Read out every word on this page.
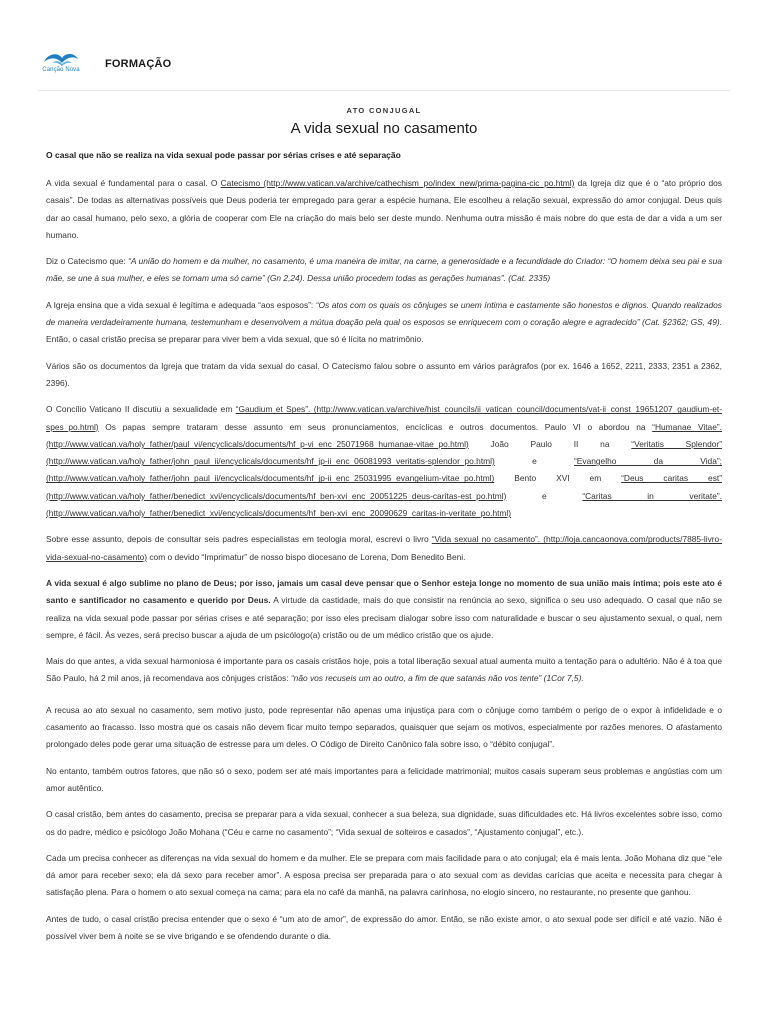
Canção Nova	FORMAÇÃO
ATO CONJUGAL
A vida sexual no casamento
O casal que não se realiza na vida sexual pode passar por sérias crises e até separação

A vida sexual é fundamental para o casal. O Catecismo (http://www.vatican.va/archive/cathechism_po/index_new/prima-pagina-cic_po.html) da Igreja diz que é o “ato próprio dos casais”. De todas as alternativas possíveis que Deus poderia ter empregado para gerar a espécie humana, Ele escolheu a relação sexual, expressão do amor conjugal. Deus quis dar ao casal humano, pelo sexo, a glória de cooperar com Ele na criação do mais belo ser deste mundo. Nenhuma outra missão é mais nobre do que esta de dar a vida a um ser humano.

Diz o Catecismo que: “A união do homem e da mulher, no casamento, é uma maneira de imitar, na carne, a generosidade e a fecundidade do Criador: “O homem deixa seu pai e sua mãe, se une à sua mulher, e eles se tornam uma só carne” (Gn 2,24). Dessa união procedem todas as gerações humanas”. (Cat. 2335)

A Igreja ensina que a vida sexual é legítima e adequada “aos esposos”: “Os atos com os quais os cônjuges se unem íntima e castamente são honestos e dignos. Quando realizados de maneira verdadeiramente humana, testemunham e desenvolvem a mútua doação pela qual os esposos se enriquecem com o coração alegre e agradecido” (Cat. §2362; GS, 49). Então, o casal cristão precisa se preparar para viver bem a vida sexual, que só é lícita no matrimônio.

Vários são os documentos da Igreja que tratam da vida sexual do casal. O Catecismo falou sobre o assunto em vários parágrafos (por ex. 1646 a 1652, 2211, 2333, 2351 a 2362, 2396).

O Concílio Vaticano II discutiu a sexualidade em “Gaudium et Spes”. (http://www.vatican.va/archive/hist_councils/ii_vatican_council/documents/vat-ii_const_19651207_gaudium-et-spes_po.html) Os papas sempre trataram desse assunto em seus pronunciamentos, encíclicas e outros documentos. Paulo VI o abordou na “Humanae Vitae”. (http://www.vatican.va/holy_father/paul_vi/encyclicals/documents/hf_p-vi_enc_25071968_humanae-vitae_po.html) João Paulo II na “Veritatis Splendor” (http://www.vatican.va/holy_father/john_paul_ii/encyclicals/documents/hf_jp-ii_enc_06081993_veritatis-splendor_po.html) e “Evangelho da Vida”; (http://www.vatican.va/holy_father/john_paul_ii/encyclicals/documents/hf_jp-ii_enc_25031995_evangelium-vitae_po.html) Bento XVI em “Deus caritas est” (http://www.vatican.va/holy_father/benedict_xvi/encyclicals/documents/hf_ben-xvi_enc_20051225_deus-caritas-est_po.html) e “Caritas in veritate”. (http://www.vatican.va/holy_father/benedict_xvi/encyclicals/documents/hf_ben-xvi_enc_20090629_caritas-in-veritate_po.html)

Sobre esse assunto, depois de consultar seis padres especialistas em teologia moral, escrevi o livro “Vida sexual no casamento”. (http://loja.cancaonova.com/products/7885-livro-vida-sexual-no-casamento) com o devido “Imprimatur” de nosso bispo diocesano de Lorena, Dom Benedito Beni.

A vida sexual é algo sublime no plano de Deus; por isso, jamais um casal deve pensar que o Senhor esteja longe no momento de sua união mais íntima; pois este ato é santo e santificador no casamento e querido por Deus. A virtude da castidade, mais do que consistir na renúncia ao sexo, significa o seu uso adequado. O casal que não se realiza na vida sexual pode passar por sérias crises e até separação; por isso eles precisam dialogar sobre isso com naturalidade e buscar o seu ajustamento sexual, o qual, nem sempre, é fácil. Às vezes, será preciso buscar a ajuda de um psicólogo(a) cristão ou de um médico cristão que os ajude.

Mais do que antes, a vida sexual harmoniosa é importante para os casais cristãos hoje, pois a total liberação sexual atual aumenta muito a tentação para o adultério. Não é à toa que São Paulo, há 2 mil anos, já recomendava aos cônjuges cristãos: “não vos recuseis um ao outro, a fim de que satanás não vos tente” (1Cor 7,5).

A recusa ao ato sexual no casamento, sem motivo justo, pode representar não apenas uma injustiça para com o cônjuge como também o perigo de o expor à infidelidade e o casamento ao fracasso. Isso mostra que os casais não devem ficar muito tempo separados, quaisquer que sejam os motivos, especialmente por razões menores. O afastamento prolongado deles pode gerar uma situação de estresse para um deles. O Código de Direito Canônico fala sobre isso, o “débito conjugal”.

No entanto, também outros fatores, que não só o sexo, podem ser até mais importantes para a felicidade matrimonial; muitos casais superam seus problemas e angústias com um amor autêntico.

O casal cristão, bem antes do casamento, precisa se preparar para a vida sexual, conhecer a sua beleza, sua dignidade, suas dificuldades etc. Há livros excelentes sobre isso, como os do padre, médico e psicólogo João Mohana (“Céu e carne no casamento”; “Vida sexual de solteiros e casados”, “Ajustamento conjugal”, etc.).

Cada um precisa conhecer as diferenças na vida sexual do homem e da mulher. Ele se prepara com mais facilidade para o ato conjugal; ela é mais lenta. João Mohana diz que “ele dá amor para receber sexo; ela dá sexo para receber amor”. A esposa precisa ser preparada para o ato sexual com as devidas carícias que aceita e necessita para chegar à satisfação plena. Para o homem o ato sexual começa na cama; para ela no café da manhã, na palavra carinhosa, no elogio sincero, no restaurante, no presente que ganhou.

Antes de tudo, o casal cristão precisa entender que o sexo é “um ato de amor”, de expressão do amor. Então, se não existe amor, o ato sexual pode ser difícil e até vazio. Não é possível viver bem à noite se se vive brigando e se ofendendo durante o dia.
